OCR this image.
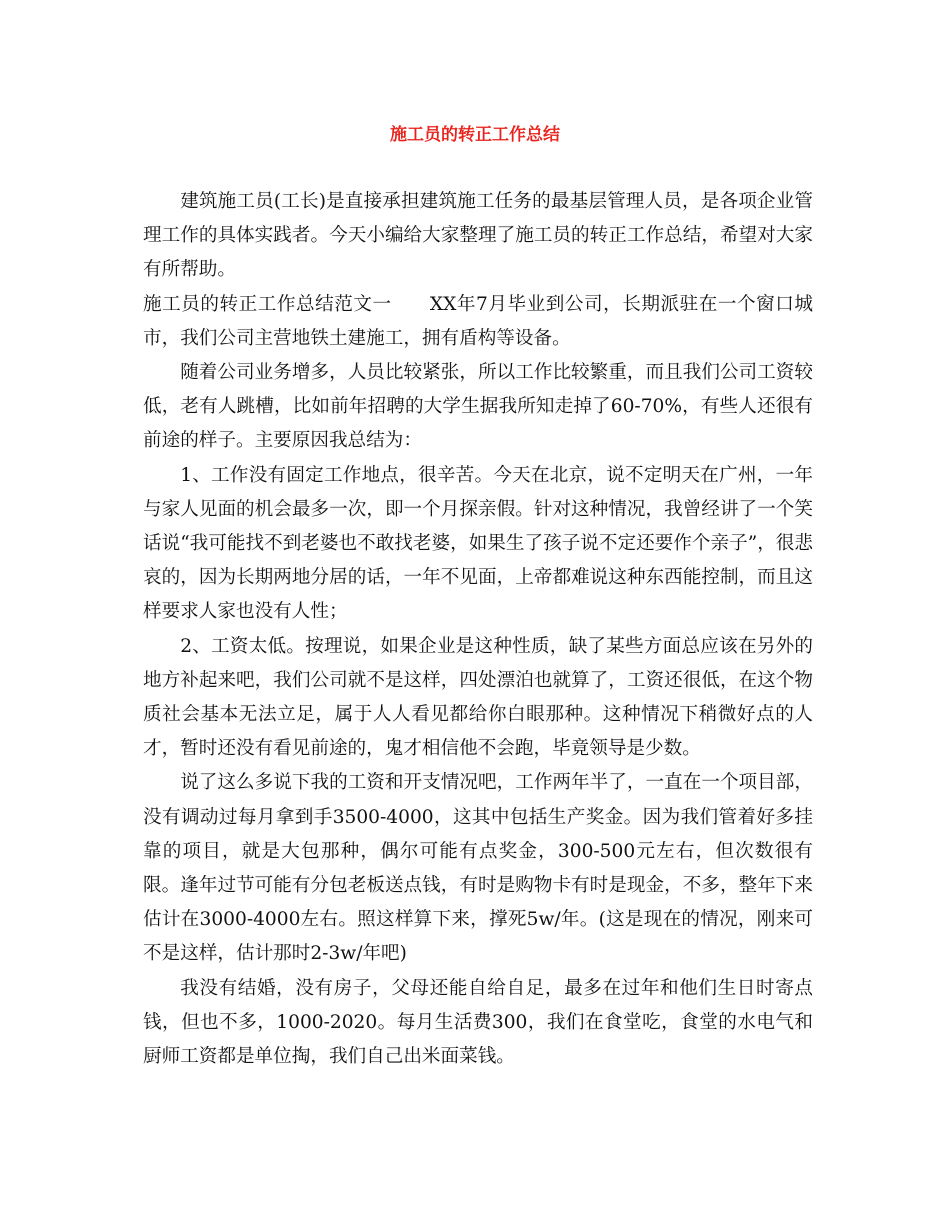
施工员的转正工作总结

建筑施工员(工长)是直接承担建筑施工任务的最基层管理人员，是各项企业管理工作的具体实践者。今天小编给大家整理了施工员的转正工作总结，希望对大家有所帮助。

施工员的转正工作总结范文一　　XX年7月毕业到公司，长期派驻在一个窗口城市，我们公司主营地铁土建施工，拥有盾构等设备。

随着公司业务增多，人员比较紧张，所以工作比较繁重，而且我们公司工资较低，老有人跳槽，比如前年招聘的大学生据我所知走掉了60-70%，有些人还很有前途的样子。主要原因我总结为：

1、工作没有固定工作地点，很辛苦。今天在北京，说不定明天在广州，一年与家人见面的机会最多一次，即一个月探亲假。针对这种情况，我曾经讲了一个笑话说“我可能找不到老婆也不敢找老婆，如果生了孩子说不定还要作个亲子”，很悲哀的，因为长期两地分居的话，一年不见面，上帝都难说这种东西能控制，而且这样要求人家也没有人性；

2、工资太低。按理说，如果企业是这种性质，缺了某些方面总应该在另外的地方补起来吧，我们公司就不是这样，四处漂泊也就算了，工资还很低，在这个物质社会基本无法立足，属于人人看见都给你白眼那种。这种情况下稍微好点的人才，暂时还没有看见前途的，鬼才相信他不会跑，毕竟领导是少数。

说了这么多说下我的工资和开支情况吧，工作两年半了，一直在一个项目部，没有调动过每月拿到手3500-4000，这其中包括生产奖金。因为我们管着好多挂靠的项目，就是大包那种，偶尔可能有点奖金，300-500元左右，但次数很有限。逢年过节可能有分包老板送点钱，有时是购物卡有时是现金，不多，整年下来估计在3000-4000左右。照这样算下来，撑死5w/年。(这是现在的情况，刚来可不是这样，估计那时2-3w/年吧)

我没有结婚，没有房子，父母还能自给自足，最多在过年和他们生日时寄点钱，但也不多，1000-2020。每月生活费300，我们在食堂吃，食堂的水电气和厨师工资都是单位掏，我们自己出米面菜钱。
